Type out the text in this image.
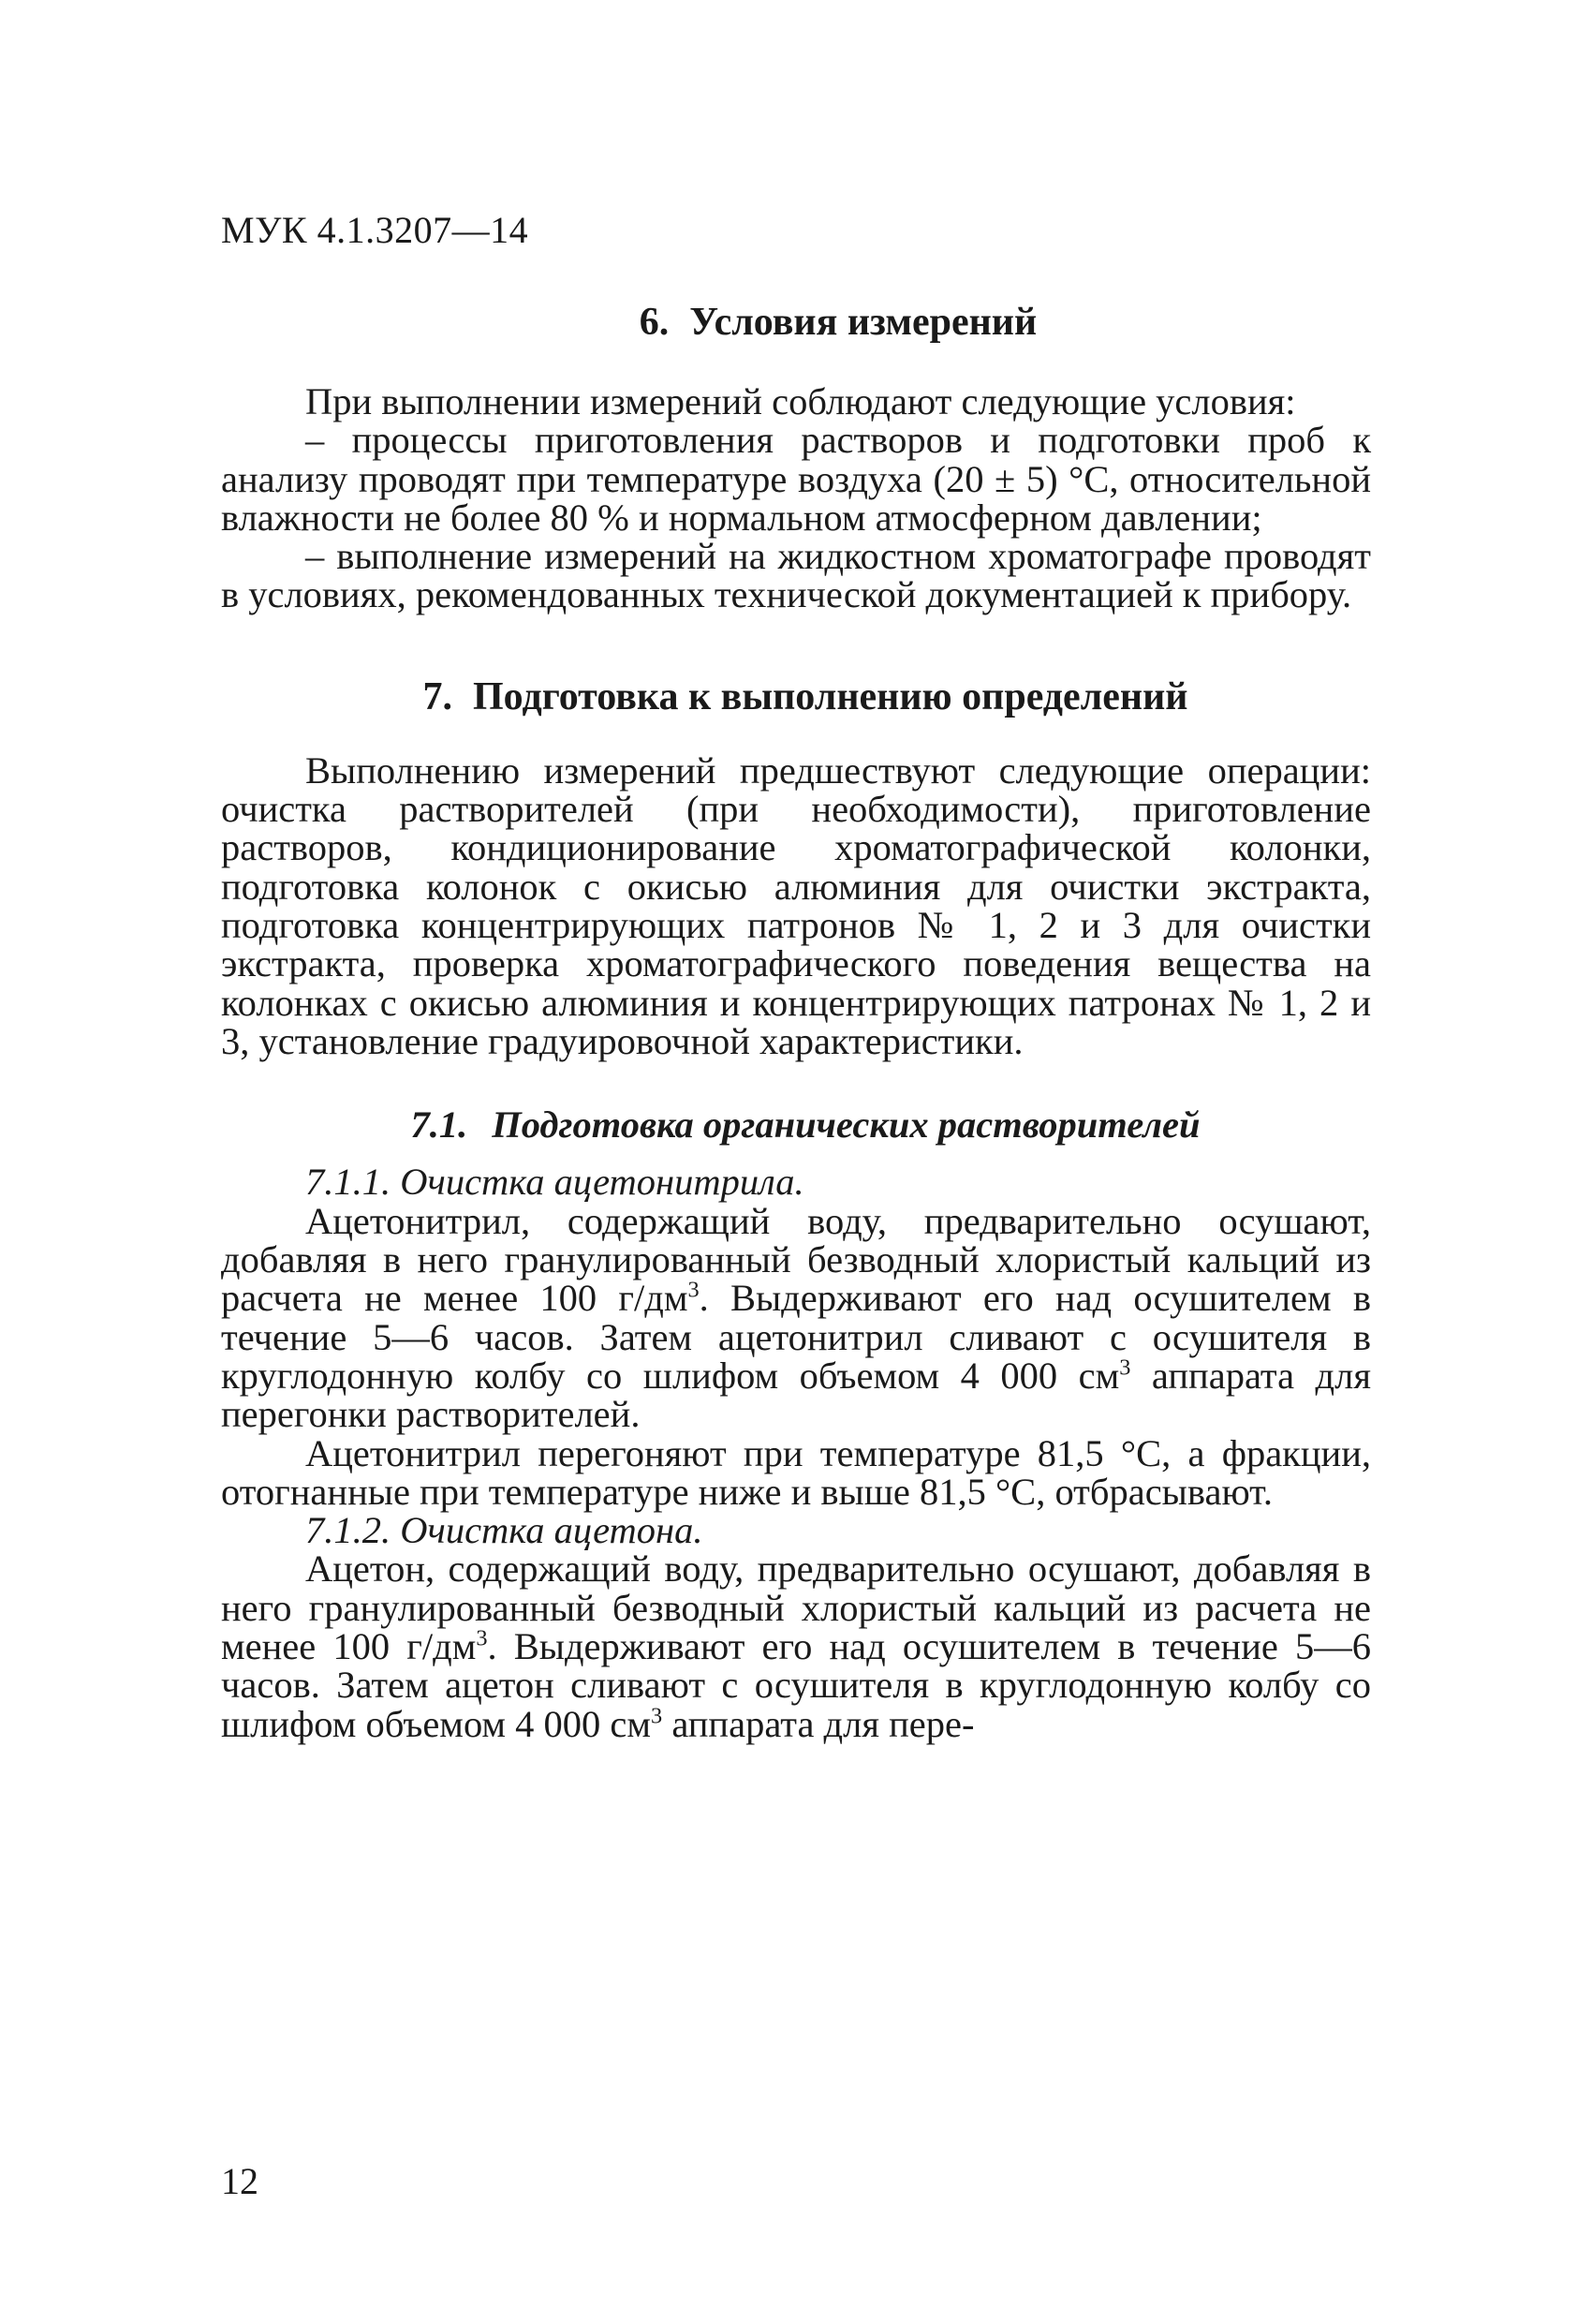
МУК 4.1.3207—14
6. Условия измерений

При выполнении измерений соблюдают следующие условия:

– процессы приготовления растворов и подготовки проб к анализу проводят при температуре воздуха (20 ± 5) °С, относительной влажности не более 80 % и нормальном атмосферном давлении;

– выполнение измерений на жидкостном хроматографе проводят в условиях, рекомендованных технической документацией к прибору.

7. Подготовка к выполнению определений

Выполнению измерений предшествуют следующие операции: очистка растворителей (при необходимости), приготовление растворов, кондиционирование хроматографической колонки, подготовка колонок с окисью алюминия для очистки экстракта, подготовка концентрирующих патронов № 1, 2 и 3 для очистки экстракта, проверка хроматографического поведения вещества на колонках с окисью алюминия и концентрирующих патронах № 1, 2 и 3, установление градуировочной характеристики.

7.1. Подготовка органических растворителей

7.1.1. Очистка ацетонитрила.

Ацетонитрил, содержащий воду, предварительно осушают, добавляя в него гранулированный безводный хлористый кальций из расчета не менее 100 $г/дм^3$. Выдерживают его над осушителем в течение 5—6 часов. Затем ацетонитрил сливают с осушителя в круглодонную колбу со шлифом объемом 4 000 $см^3$ аппарата для перегонки растворителей.

Ацетонитрил перегоняют при температуре 81,5 °С, а фракции, отогнанные при температуре ниже и выше 81,5 °С, отбрасывают.

7.1.2. Очистка ацетона.

Ацетон, содержащий воду, предварительно осушают, добавляя в него гранулированный безводный хлористый кальций из расчета не менее 100 $г/дм^3$. Выдерживают его над осушителем в течение 5—6 часов. Затем ацетон сливают с осушителя в круглодонную колбу со шлифом объемом 4 000 $см^3$ аппарата для пере-

12
